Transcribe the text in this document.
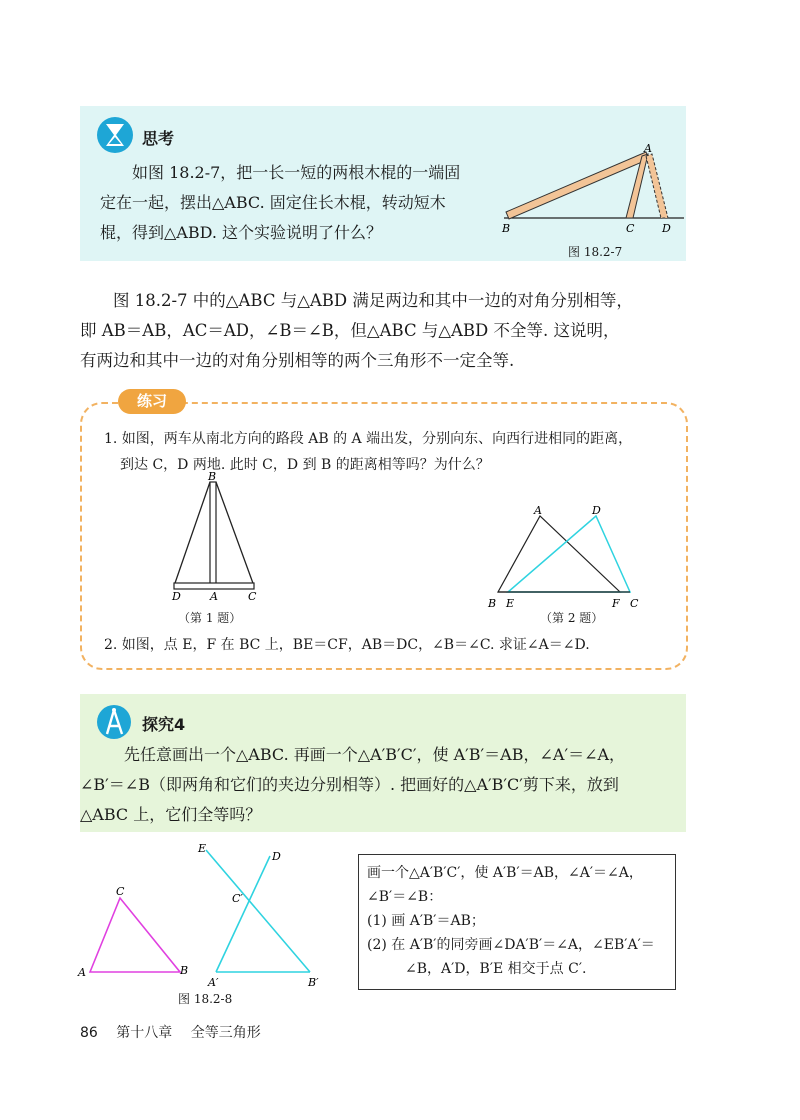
思考
如图 18.2-7，把一长一短的两根木棍的一端固定在一起，摆出△ABC. 固定住长木棍，转动短木棍，得到△ABD. 这个实验说明了什么？
A
B	C	D
图 18.2-7

图 18.2-7 中的△ABC 与△ABD 满足两边和其中一边的对角分别相等，

即 AB＝AB，AC＝AD，∠B＝∠B，但△ABC 与△ABD 不全等. 这说明，

有两边和其中一边的对角分别相等的两个三角形不一定全等.

练习
1. 如图，两车从南北方向的路段 AB 的 A 端出发，分别向东、向西行进相同的距离，
到达 C，D 两地. 此时 C，D 到 B 的距离相等吗？为什么？
B
D	A	C
（第 1 题）
A	D
B E	F C
（第 2 题）
2. 如图，点 E，F 在 BC 上，BE＝CF，AB＝DC，∠B＝∠C. 求证∠A＝∠D.
探究4

先任意画出一个△ABC. 再画一个△A′B′C′，使 A′B′＝AB，∠A′＝∠A，

∠B′＝∠B（即两角和它们的夹边分别相等）. 把画好的△A′B′C′剪下来，放到

△ABC 上，它们全等吗？

C
A	B
E
D
C′
A′	B′
图 18.2-8
画一个△A′B′C′，使 A′B′＝AB，∠A′＝∠A，
∠B′＝∠B：
(1) 画 A′B′＝AB；
(2) 在 A′B′的同旁画∠DA′B′＝∠A，∠EB′A′＝
∠B，A′D，B′E 相交于点 C′.
86 第十八章 全等三角形
